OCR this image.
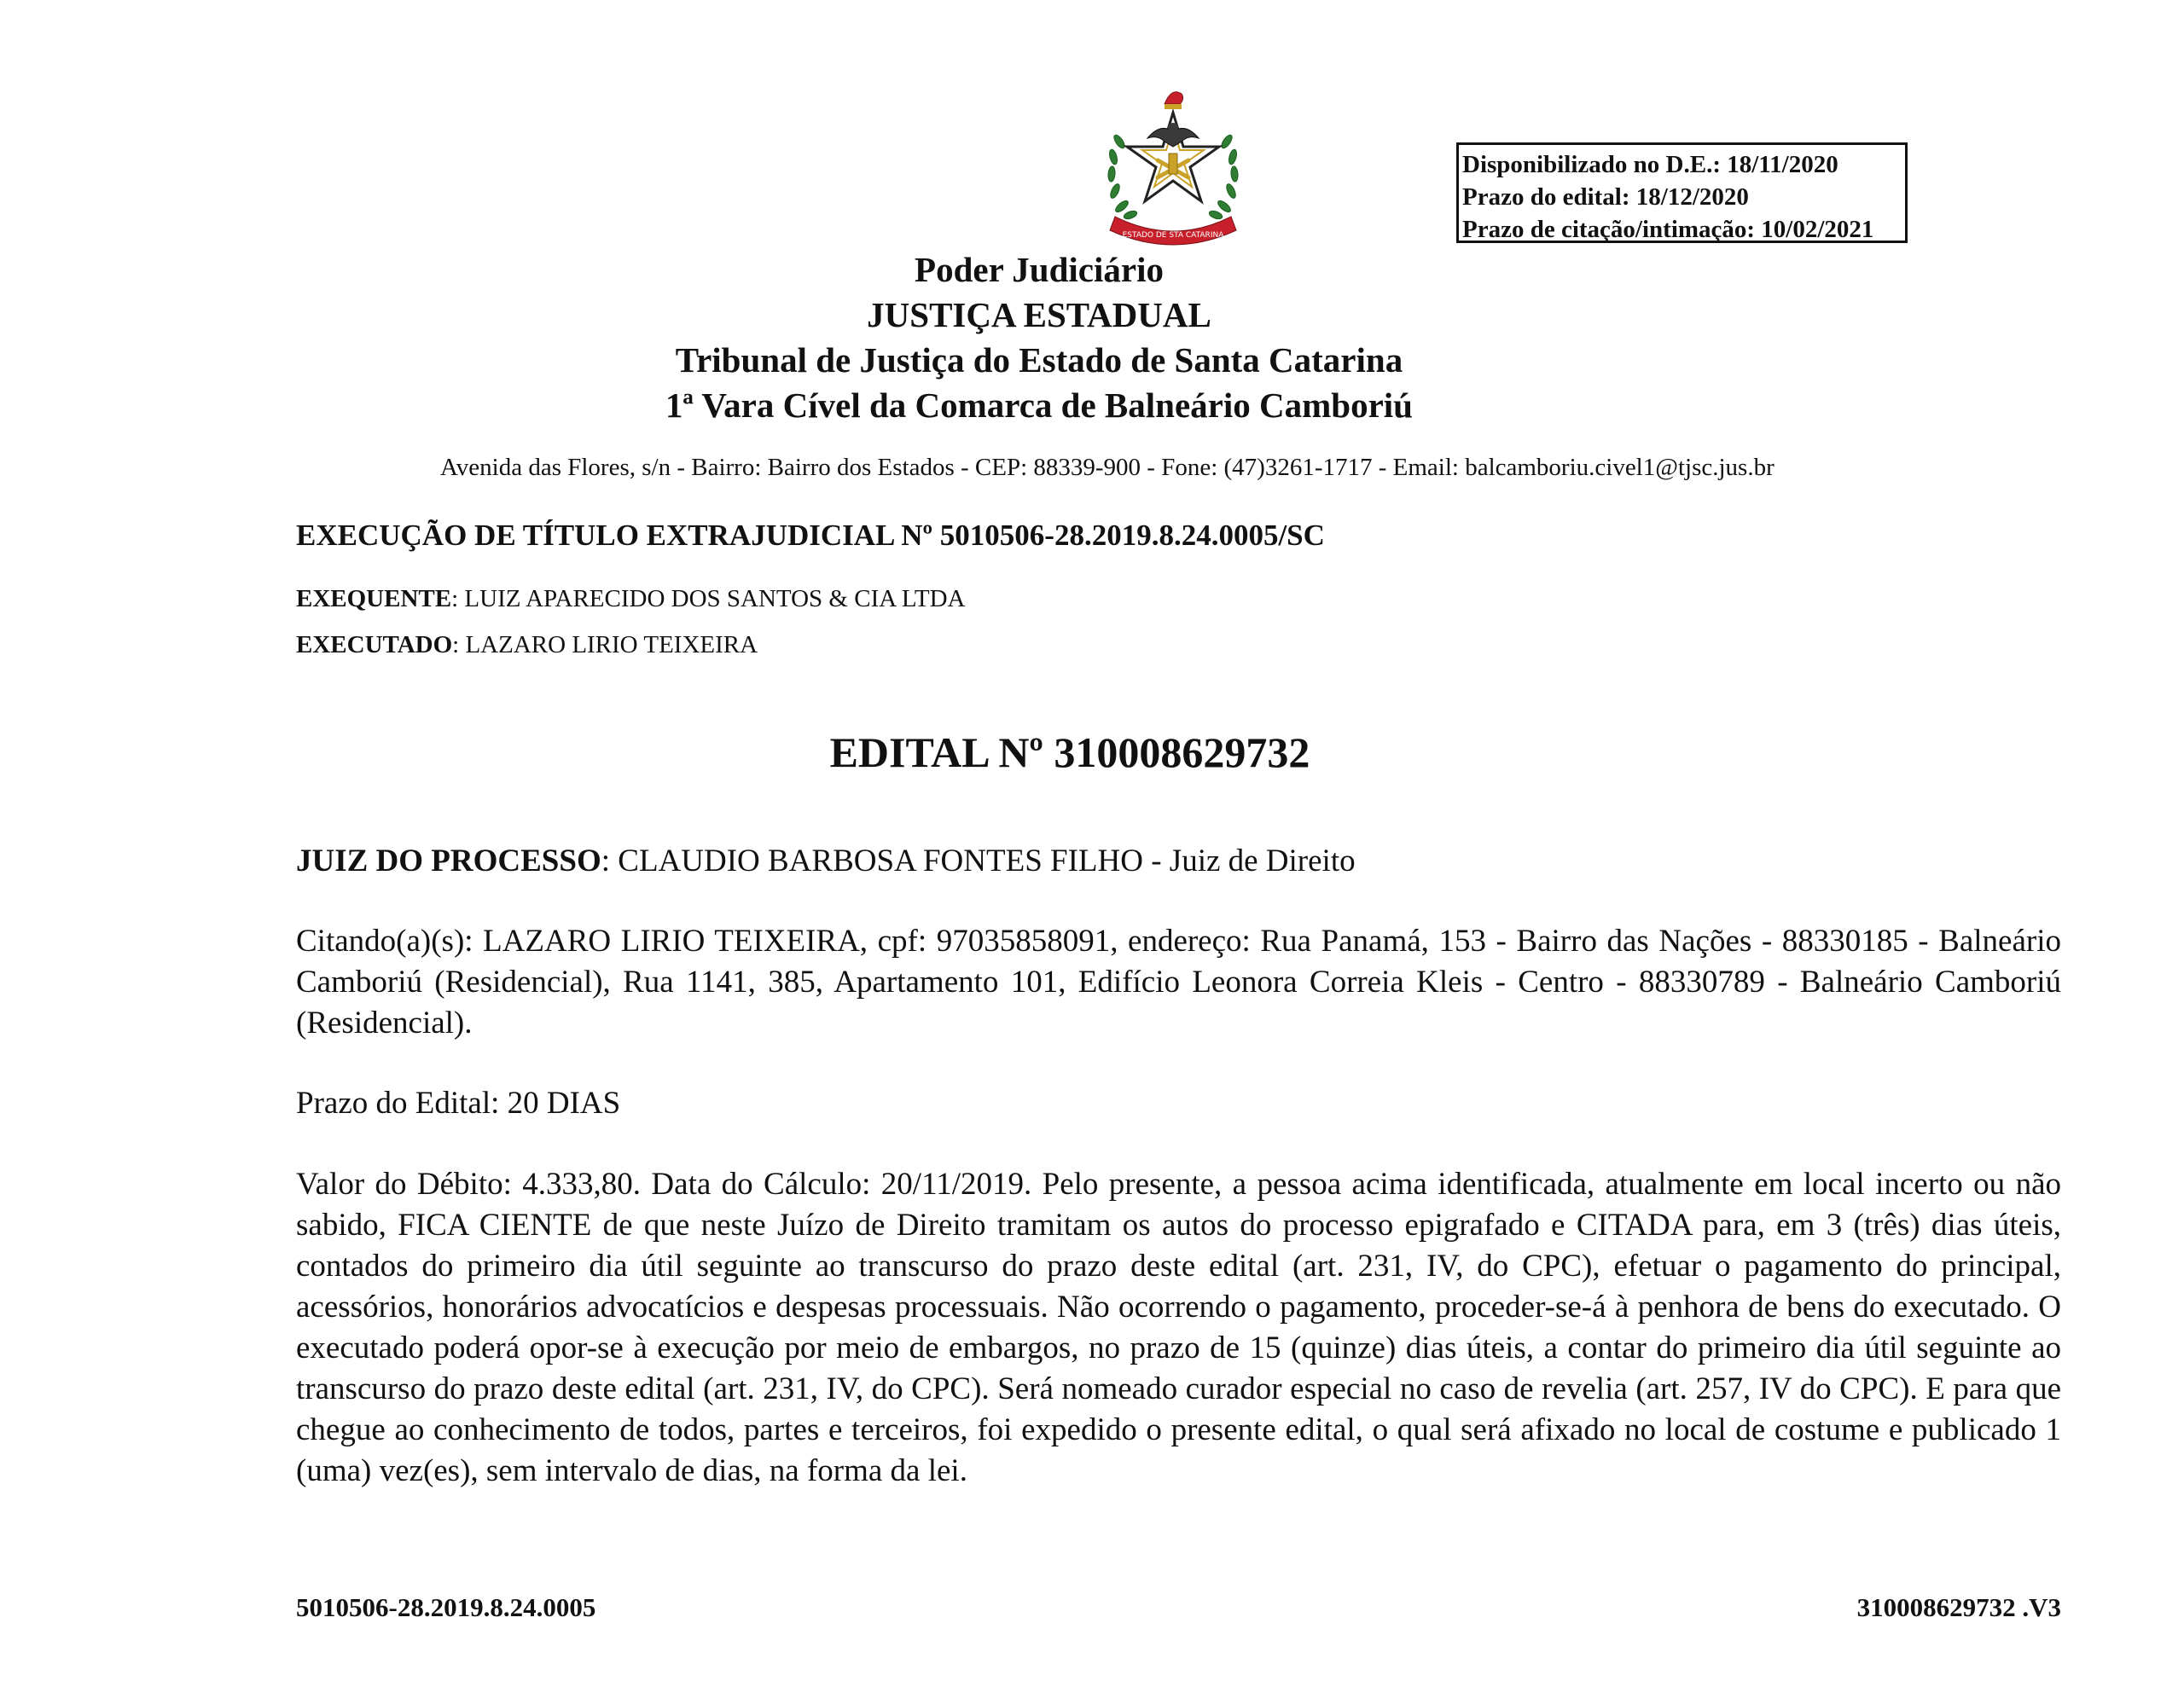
ESTADO DE STA CATARINA
Disponibilizado no D.E.: 18/11/2020
Prazo do edital: 18/12/2020
Prazo de citação/intimação: 10/02/2021
Poder Judiciário
JUSTIÇA ESTADUAL
Tribunal de Justiça do Estado de Santa Catarina
1ª Vara Cível da Comarca de Balneário Camboriú
Avenida das Flores, s/n - Bairro: Bairro dos Estados - CEP: 88339-900 - Fone: (47)3261-1717 - Email: balcamboriu.civel1@tjsc.jus.br
EXECUÇÃO DE TÍTULO EXTRAJUDICIAL Nº 5010506-28.2019.8.24.0005/SC
EXEQUENTE: LUIZ APARECIDO DOS SANTOS & CIA LTDA
EXECUTADO: LAZARO LIRIO TEIXEIRA
EDITAL Nº 310008629732
JUIZ DO PROCESSO: CLAUDIO BARBOSA FONTES FILHO - Juiz de Direito
Citando(a)(s): LAZARO LIRIO TEIXEIRA, cpf: 97035858091, endereço: Rua Panamá, 153 - Bairro das Nações - 88330185 - Balneário Camboriú (Residencial), Rua 1141, 385, Apartamento 101, Edifício Leonora Correia Kleis - Centro - 88330789 - Balneário Camboriú (Residencial).
Prazo do Edital: 20 DIAS
Valor do Débito: 4.333,80. Data do Cálculo: 20/11/2019. Pelo presente, a pessoa acima identificada, atualmente em local incerto ou não sabido, FICA CIENTE de que neste Juízo de Direito tramitam os autos do processo epigrafado e CITADA para, em 3 (três) dias úteis, contados do primeiro dia útil seguinte ao transcurso do prazo deste edital (art. 231, IV, do CPC), efetuar o pagamento do principal, acessórios, honorários advocatícios e despesas processuais. Não ocorrendo o pagamento, proceder-se-á à penhora de bens do executado. O executado poderá opor-se à execução por meio de embargos, no prazo de 15 (quinze) dias úteis, a contar do primeiro dia útil seguinte ao transcurso do prazo deste edital (art. 231, IV, do CPC). Será nomeado curador especial no caso de revelia (art. 257, IV do CPC). E para que chegue ao conhecimento de todos, partes e terceiros, foi expedido o presente edital, o qual será afixado no local de costume e publicado 1 (uma) vez(es), sem intervalo de dias, na forma da lei.
5010506-28.2019.8.24.0005	310008629732 .V3
